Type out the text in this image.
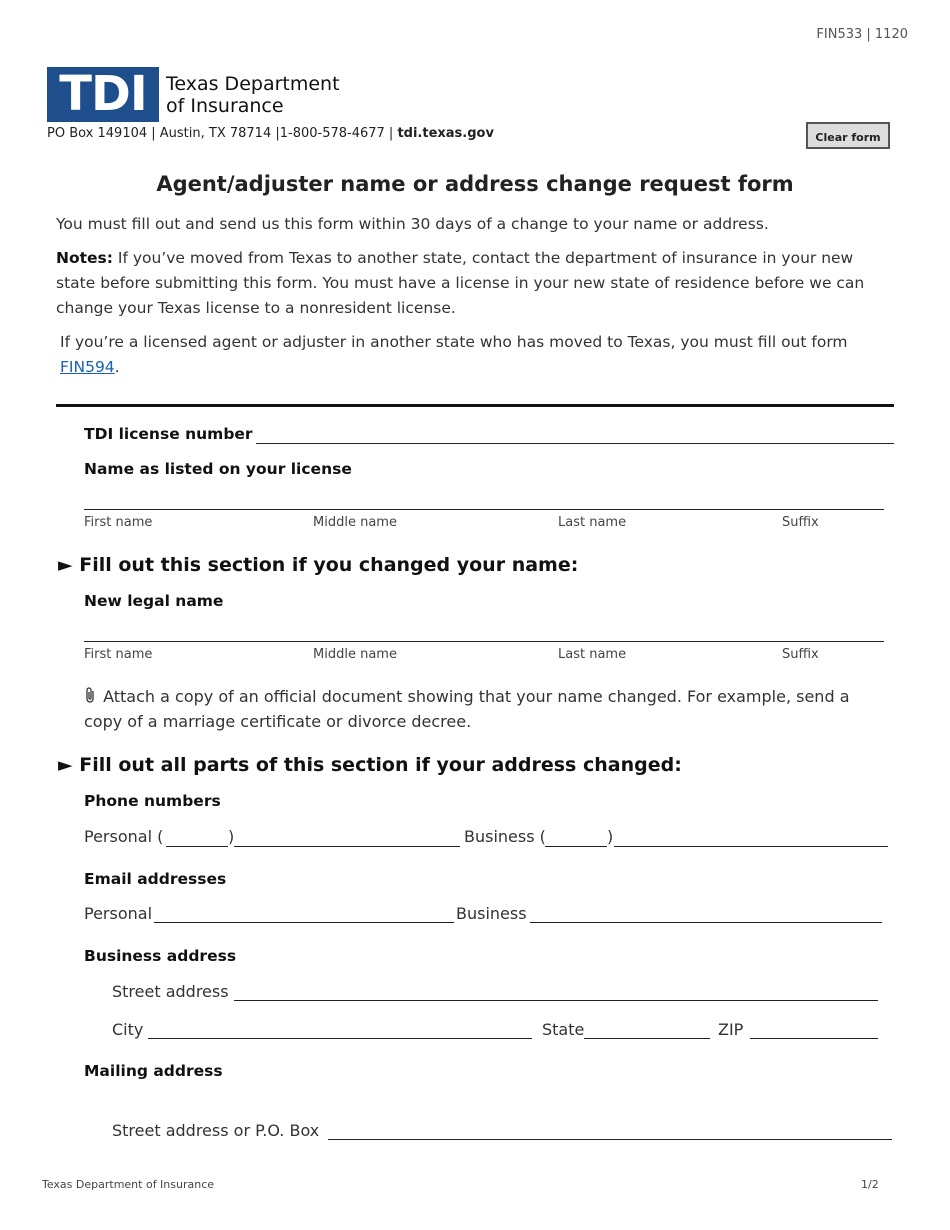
FIN533 | 1120
TDI	Texas Department
of Insurance
PO Box 149104 | Austin, TX 78714 |1-800-578-4677 | tdi.texas.gov	Clear form
Agent/adjuster name or address change request form
You must fill out and send us this form within 30 days of a change to your name or address.
Notes: If you’ve moved from Texas to another state, contact the department of insurance in your new state before submitting this form. You must have a license in your new state of residence before we can change your Texas license to a nonresident license.
If you’re a licensed agent or adjuster in another state who has moved to Texas, you must fill out form FIN594.
TDI license number
Name as listed on your license
First name	Middle name	Last name	Suffix
► Fill out this section if you changed your name:
New legal name
First name	Middle name	Last name	Suffix
Attach a copy of an official document showing that your name changed. For example, send a copy of a marriage certificate or divorce decree.
► Fill out all parts of this section if your address changed:
Phone numbers
Personal (	)	Business (	)
Email addresses
Personal	Business
Business address
Street address
City	State	ZIP
Mailing address
Street address or P.O. Box
Texas Department of Insurance	1/2
